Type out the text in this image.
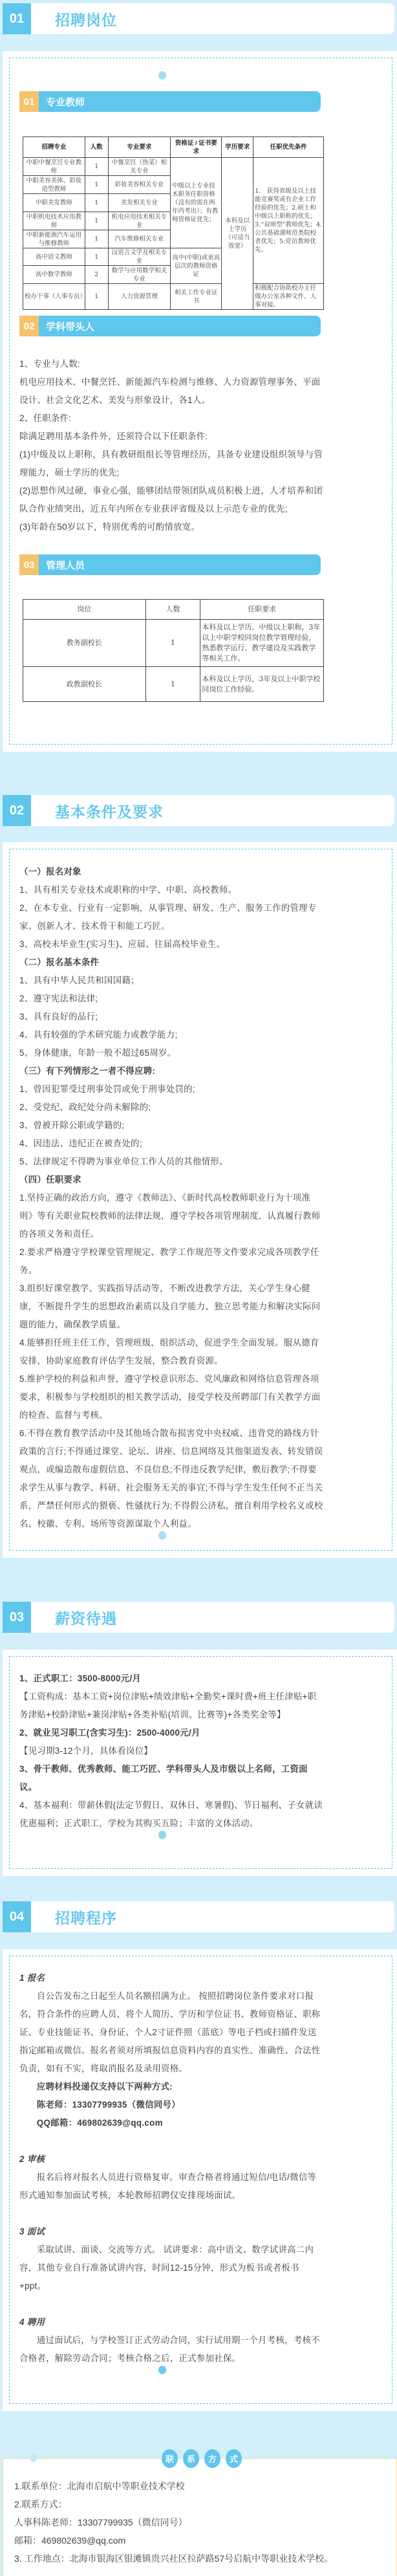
01	招聘岗位
01	专业教师
招聘专业	人数	专业要求	资格证 / 证书要求	学历要求	任职优先条件
中职中餐烹饪专业教师	1	中餐烹饪（热菜）相关专业	中级以上专业技术职务任职资格（没有的需在两年内考出）；有教师资格证优先；	本科及以上学历（可适当放宽）	1.　获得省级及以上技能竞赛奖或有企业工作经验的优先；2.硕士和中级以上职称的优先；3.“双师型”教师优先；4.公共基础课师范类院校者优先；5.党员教师优先。
中职美容美体、彩妆造型教师	1	彩妆美容相关专业			
中职美发教师	1	美发相关专业			
中职机电技术应用教师	1	机电应用技术相关专业			
中职新能源汽车运用与维修教师	1	汽车维修相关专业			
高中语文教师	1	汉语言文学及相关专业	高中(中职)或更高层次的教师资格证		
高中数学教师	2	数学与应用数学相关专业			
校办干事（人事专员）	1	人力资源管理	相关工作专业证书		积极配合协助校办主任做办公室各种文件、人事对接。
02	学科带头人

1、专业与人数:

机电应用技术、中餐烹饪、新能源汽车检测与维修、人力资源管理事务、平面设计、社会文化艺术、美发与形象设计，各1人。

2、任职条件:

除满足聘用基本条件外，还须符合以下任职条件:

(1)中级及以上职称，具有教研组组长等管理经历，具备专业建设组织领导与管理能力，硕士学历的优先;

(2)思想作风过硬，事业心强，能够团结带领团队成员积极上进，人才培养和团队合作业绩突出，近五年内所在专业获评省级及以上示范专业的优先;

(3)年龄在50岁以下，特别优秀的可酌情放宽。

03	管理人员
岗位	人数	任职要求
教务副校长	1	本科及以上学历、中级以上职称，3年以上中职学校同岗位教学管理经验，熟悉教学运行、教学建设及实践教学等相关工作。
政教副校长	1	本科及以上学历，3年及以上中职学校同岗位工作经验。
02	基本条件及要求

（一）报名对象

1、具有相关专业技术或职称的中学、中职、高校教师。

2、在本专业、行业有一定影响，从事管理、研发、生产、服务工作的管理专家、创新人才、技术骨干和能工巧匠。

3、高校未毕业生(实习生)、应届、往届高校毕业生。

（二）报名基本条件

1、具有中华人民共和国国籍；

2、遵守宪法和法律;

3、具有良好的品行;

4、具有较强的学术研究能力或教学能力;

5、身体健康，年龄一般不超过65周岁。

（三）有下列情形之一者不得应聘:

1、曾因犯罪受过刑事处罚或免于刑事处罚的;

2、受党纪、政纪处分尚未解除的;

3、曾被开除公职或学籍的;

4、因违法、违纪正在被查处的;

5、法律规定不得聘为事业单位工作人员的其他情形。

（四）任职要求

1.坚持正确的政治方向，遵守《教师法》、《新时代高校教师职业行为十项准则》等有关职业院校教师的法律法规，遵守学校各项管理制度，认真履行教师的各项义务和责任。

2.要求严格遵守学校课堂管理规定、教学工作规范等文件要求完成各项教学任务。

3.组织好课堂教学、实践指导活动等，不断改进教学方法，关心学生身心健康，不断提升学生的思想政治素质以及自学能力、独立思考能力和解决实际问题的能力，确保教学质量。

4.能够担任班主任工作，管理班级，组织活动，促进学生全面发展。服从德育安排，协助家庭教育评估学生发展，整合教育资源。

5.维护学校的利益和声誉，遵守学校意识形态、党风廉政和网络信息管理各项要求，积极参与学校组织的相关教学活动，接受学校及所聘部门有关教学方面的检查、监督与考核。

6.不得在教育教学活动中及其他场合散布损害党中央权威、违背党的路线方针政策的言行;不得通过课堂、论坛、讲座、信息网络及其他渠道发表、转发错误观点，或编造散布虚假信息、不良信息;不得违反教学纪律，敷衍教学;不得要求学生从事与教学、科研、社会服务无关的事宜;不得与学生发生任何不正当关系，严禁任何形式的猥亵、性骚扰行为;不得假公济私，擅自利用学校名义或校名、校徽、专利、场所等资源谋取个人利益。

03	薪资待遇

1、正式职工：3500-8000元/月

【工资构成：基本工资+岗位津贴+绩效津贴+全勤奖+课时费+班主任津贴+职务津贴+校龄津贴+兼岗津贴+各类补贴(培训、比赛等)+各类奖金等】

2、就业见习职工(含实习生)：2500-4000元/月

【见习期3-12个月，具体看岗位】

3、骨干教师、优秀教师、能工巧匠、学科带头人及市级以上名师，工资面议。

4、基本福利：带薪休假(法定节假日、双休日、寒暑假)、节日福利、子女就读优惠福利；正式职工，学校为其购买五险；丰富的文体活动。

04	招聘程序

1 报名

自公告发布之日起至人员名额招满为止。 按照招聘岗位条件要求对口报名，符合条件的应聘人员，将个人简历、学历和学位证书、教师资格证、职称证、专业技能证书、身份证、个人2寸证件照（蓝底）等电子档或扫描件发送指定邮箱或微信。报名者须对所填报信息资料内容的真实性、准确性、合法性负责，如有不实，将取消报名及录用资格。

应聘材料投递仅支持以下两种方式:

陈老师：13307799935（微信同号）

QQ邮箱：469802639@qq.com

2 审核

报名后将对报名人员进行资格复审。审查合格者将通过短信/电话/微信等形式通知参加面试考核，本轮教师招聘仅安排现场面试。

3 面试

采取试讲、面谈、交流等方式。 试讲要求：高中语文、数学试讲高二内容，其他专业自行准备试讲内容，时间12-15分钟，形式为板书或者板书+ppt。

4 聘用

通过面试后，与学校签订正式劳动合同，实行试用期一个月考核，考核不合格者，解除劳动合同；考核合格之后，正式参加社保。

联	系	方	式

1.联系单位：北海市启航中等职业技术学校

2.联系方式：

人事科陈老师：13307799935（微信同号）

邮箱：469802639@qq.com

3. 工作地点：北海市银海区银滩镇贵兴社区拉萨路57号启航中等职业技术学校。
